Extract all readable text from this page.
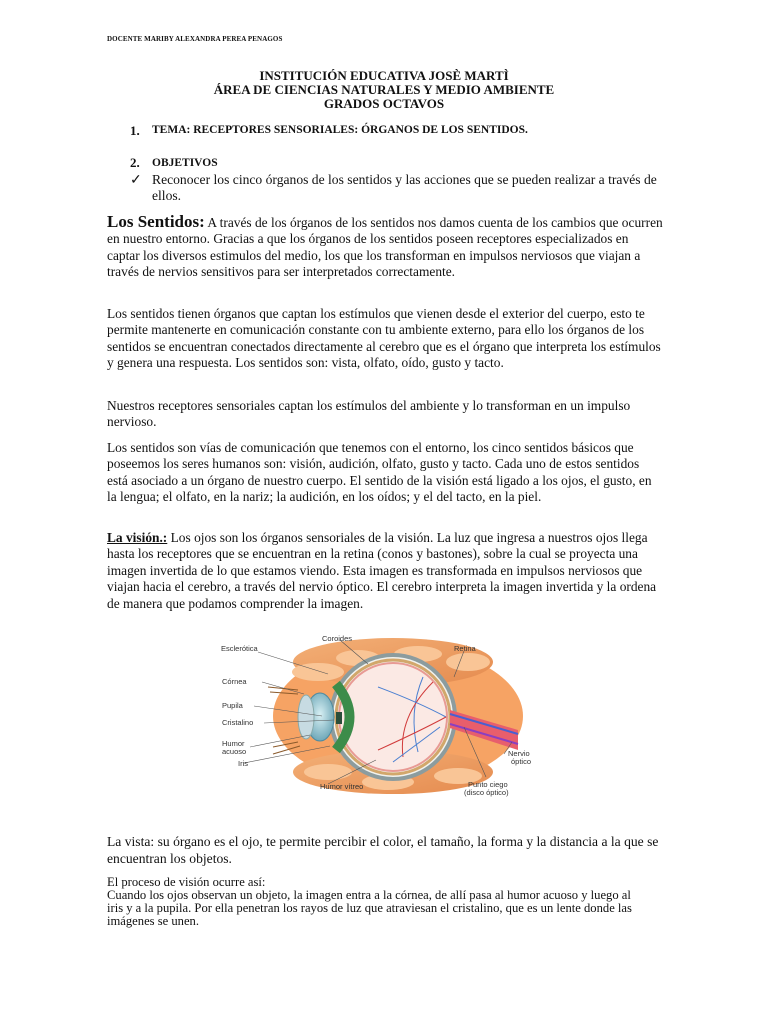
DOCENTE MARIBY ALEXANDRA PEREA PENAGOS
INSTITUCIÓN EDUCATIVA JOSÈ MARTÌ
ÁREA DE CIENCIAS NATURALES Y MEDIO AMBIENTE
GRADOS OCTAVOS
1. TEMA: RECEPTORES SENSORIALES: ÓRGANOS DE LOS SENTIDOS.
2. OBJETIVOS
✓ Reconocer los cinco órganos de los sentidos y las acciones que se pueden realizar a través de ellos.

Los Sentidos: A través de los órganos de los sentidos nos damos cuenta de los cambios que ocurren en nuestro entorno. Gracias a que los órganos de los sentidos poseen receptores especializados en captar los diversos estimulos del medio, los que los transforman en impulsos nerviosos que viajan a través de nervios sensitivos para ser interpretados correctamente.

Los sentidos tienen órganos que captan los estímulos que vienen desde el exterior del cuerpo, esto te permite mantenerte en comunicación constante con tu ambiente externo, para ello los órganos de los sentidos se encuentran conectados directamente al cerebro que es el órgano que interpreta los estímulos y genera una respuesta. Los sentidos son: vista, olfato, oído, gusto y tacto.
Nuestros receptores sensoriales captan los estímulos del ambiente y lo transforman en un impulso nervioso.
Los sentidos son vías de comunicación que tenemos con el entorno, los cinco sentidos básicos que poseemos los seres humanos son: visión, audición, olfato, gusto y tacto. Cada uno de estos sentidos está asociado a un órgano de nuestro cuerpo. El sentido de la visión está ligado a los ojos, el gusto, en la lengua; el olfato, en la nariz; la audición, en los oídos; y el del tacto, en la piel.

La visión.: Los ojos son los órganos sensoriales de la visión. La luz que ingresa a nuestros ojos llega hasta los receptores que se encuentran en la retina (conos y bastones), sobre la cual se proyecta una imagen invertida de lo que estamos viendo. Esta imagen es transformada en impulsos nerviosos que viajan hacia el cerebro, a través del nervio óptico. El cerebro interpreta la imagen invertida y la ordena de manera que podamos comprender la imagen.

Coroides
Esclerótica	Retina
Córnea
Pupila
Cristalino
Humor
acuoso
Iris
Nervio
óptico
Humor vítreo	Punto ciego
(disco óptico)
La vista: su órgano es el ojo, te permite percibir el color, el tamaño, la forma y la distancia a la que se encuentran los objetos.
El proceso de visión ocurre así:
Cuando los ojos observan un objeto, la imagen entra a la córnea, de allí pasa al humor acuoso y luego al iris y a la pupila. Por ella penetran los rayos de luz que atraviesan el cristalino, que es un lente donde las imágenes se unen.
